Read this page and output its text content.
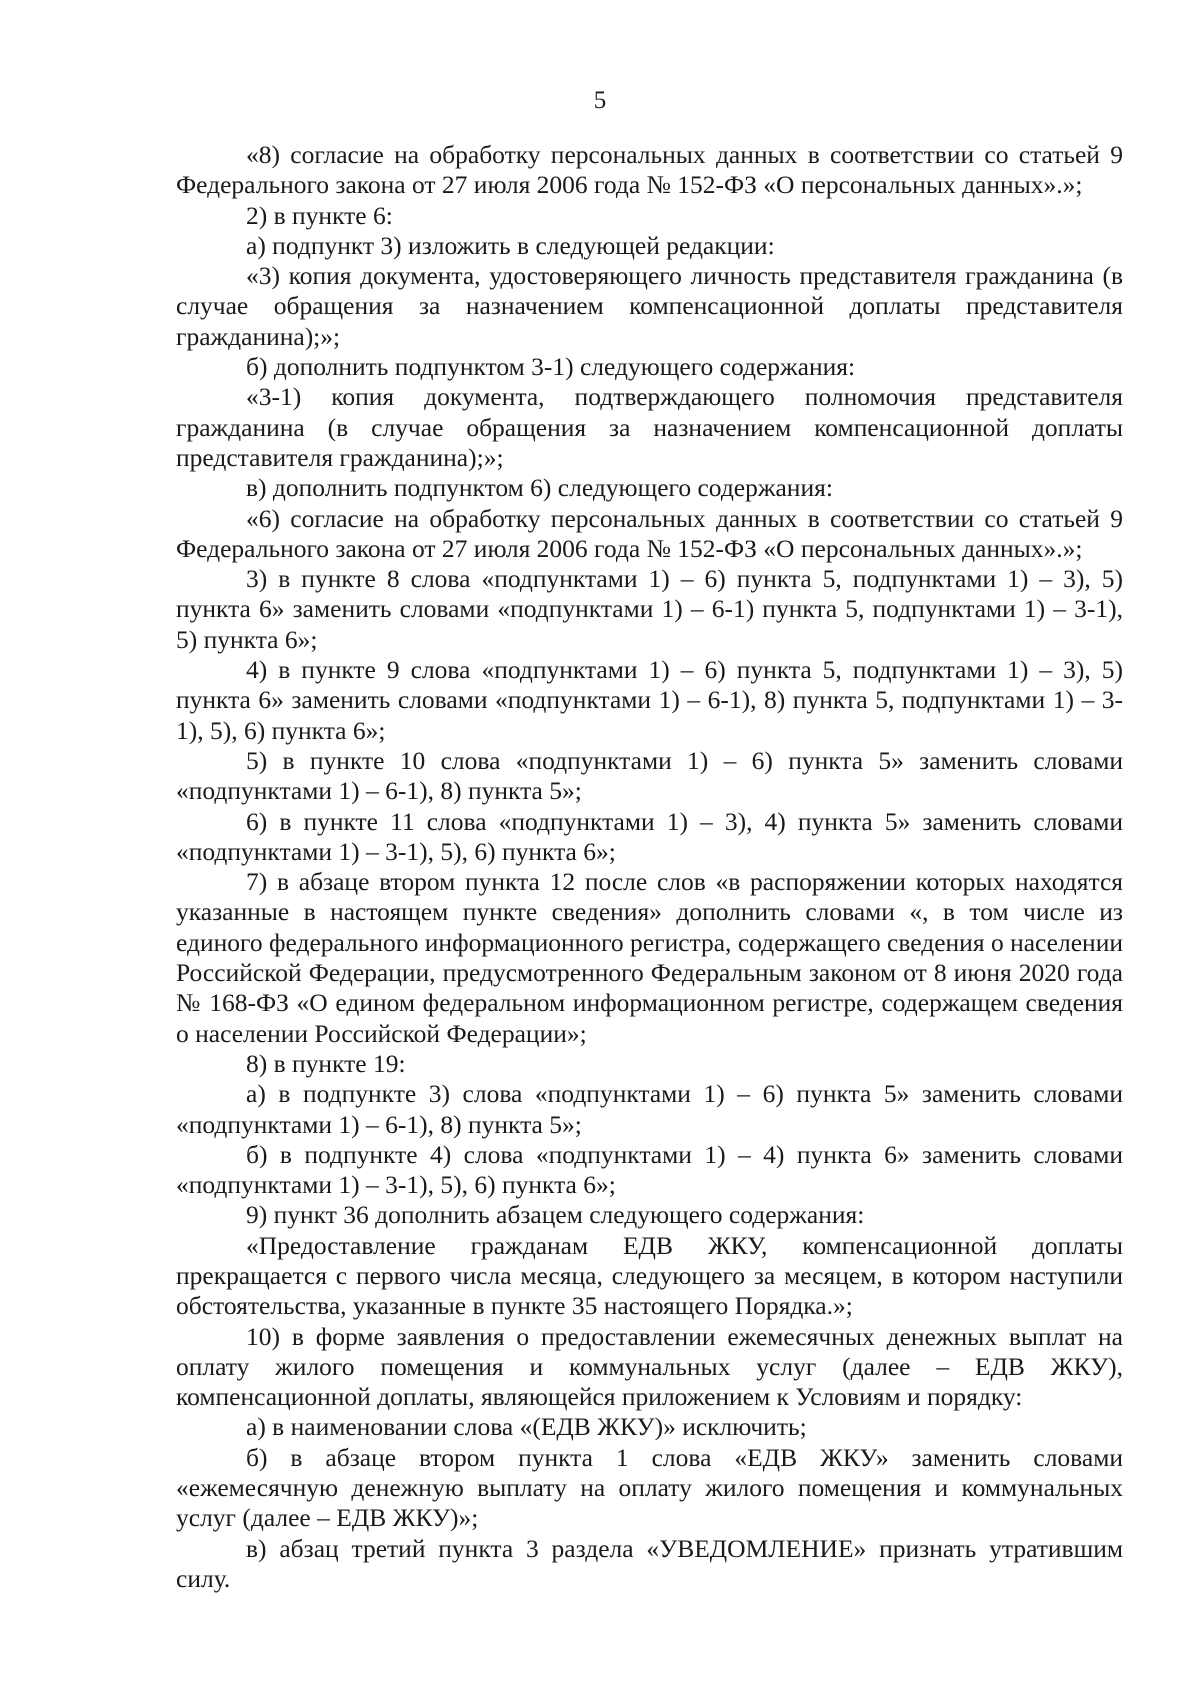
5

«8) согласие на обработку персональных данных в соответствии со статьей 9 Федерального закона от 27 июля 2006 года № 152-ФЗ «О персональных данных».»;

2) в пункте 6:

а) подпункт 3) изложить в следующей редакции:

«3) копия документа, удостоверяющего личность представителя гражданина (в случае обращения за назначением компенсационной доплаты представителя гражданина);»;

б) дополнить подпунктом 3-1) следующего содержания:

«3-1) копия документа, подтверждающего полномочия представителя гражданина (в случае обращения за назначением компенсационной доплаты представителя гражданина);»;

в) дополнить подпунктом 6) следующего содержания:

«6) согласие на обработку персональных данных в соответствии со статьей 9 Федерального закона от 27 июля 2006 года № 152-ФЗ «О персональных данных».»;

3) в пункте 8 слова «подпунктами 1) – 6) пункта 5, подпунктами 1) – 3), 5) пункта 6» заменить словами «подпунктами 1) – 6-1) пункта 5, подпунктами 1) – 3-1), 5) пункта 6»;

4) в пункте 9 слова «подпунктами 1) – 6) пункта 5, подпунктами 1) – 3), 5) пункта 6» заменить словами «подпунктами 1) – 6-1), 8) пункта 5, подпунктами 1) – 3-1), 5), 6) пункта 6»;

5) в пункте 10 слова «подпунктами 1) – 6) пункта 5» заменить словами «подпунктами 1) – 6-1), 8) пункта 5»;

6) в пункте 11 слова «подпунктами 1) – 3), 4) пункта 5» заменить словами «подпунктами 1) – 3-1), 5), 6) пункта 6»;

7) в абзаце втором пункта 12 после слов «в распоряжении которых находятся указанные в настоящем пункте сведения» дополнить словами «, в том числе из единого федерального информационного регистра, содержащего сведения о населении Российской Федерации, предусмотренного Федеральным законом от 8 июня 2020 года № 168-ФЗ «О едином федеральном информационном регистре, содержащем сведения о населении Российской Федерации»;

8) в пункте 19:

а) в подпункте 3) слова «подпунктами 1) – 6) пункта 5» заменить словами «подпунктами 1) – 6-1), 8) пункта 5»;

б) в подпункте 4) слова «подпунктами 1) – 4) пункта 6» заменить словами «подпунктами 1) – 3-1), 5), 6) пункта 6»;

9) пункт 36 дополнить абзацем следующего содержания:

«Предоставление гражданам ЕДВ ЖКУ, компенсационной доплаты прекращается с первого числа месяца, следующего за месяцем, в котором наступили обстоятельства, указанные в пункте 35 настоящего Порядка.»;

10) в форме заявления о предоставлении ежемесячных денежных выплат на оплату жилого помещения и коммунальных услуг (далее – ЕДВ ЖКУ), компенсационной доплаты, являющейся приложением к Условиям и порядку:

а) в наименовании слова «(ЕДВ ЖКУ)» исключить;

б) в абзаце втором пункта 1 слова «ЕДВ ЖКУ» заменить словами «ежемесячную денежную выплату на оплату жилого помещения и коммунальных услуг (далее – ЕДВ ЖКУ)»;

в) абзац третий пункта 3 раздела «УВЕДОМЛЕНИЕ» признать утратившим силу.
